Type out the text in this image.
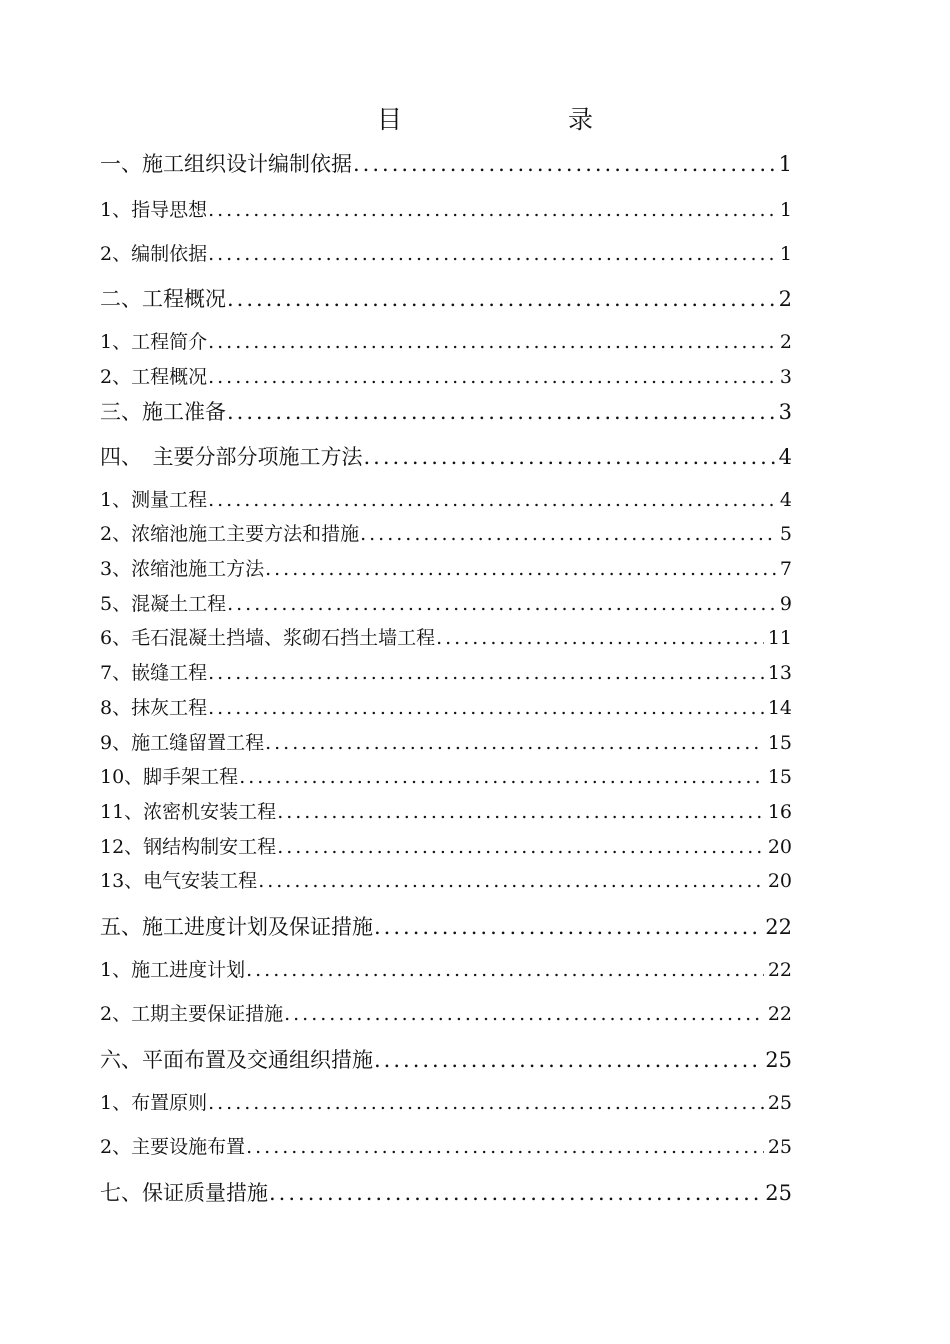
目	录
一、施工组织设计编制依据 .....	1
1、指导思想 .....	1
2、编制依据 .....	1
二、工程概况 .....	2
1、工程简介 .....	2
2、工程概况 .....	3
三、施工准备 .....	3
四、　主要分部分项施工方法 .....	4
1、测量工程 .....	4
2、浓缩池施工主要方法和措施 .....	5
3、浓缩池施工方法 .....	7
5、混凝土工程 .....	9
6、毛石混凝土挡墙、浆砌石挡土墙工程 .....	11
7、嵌缝工程 .....	13
8、抹灰工程 .....	14
9、施工缝留置工程 .....	15
10、脚手架工程 .....	15
11、浓密机安装工程 .....	16
12、钢结构制安工程 .....	20
13、电气安装工程 .....	20
五、施工进度计划及保证措施 .....	22
1、施工进度计划 .....	22
2、工期主要保证措施 .....	22
六、平面布置及交通组织措施 .....	25
1、布置原则 .....	25
2、主要设施布置 .....	25
七、保证质量措施 .....	25
